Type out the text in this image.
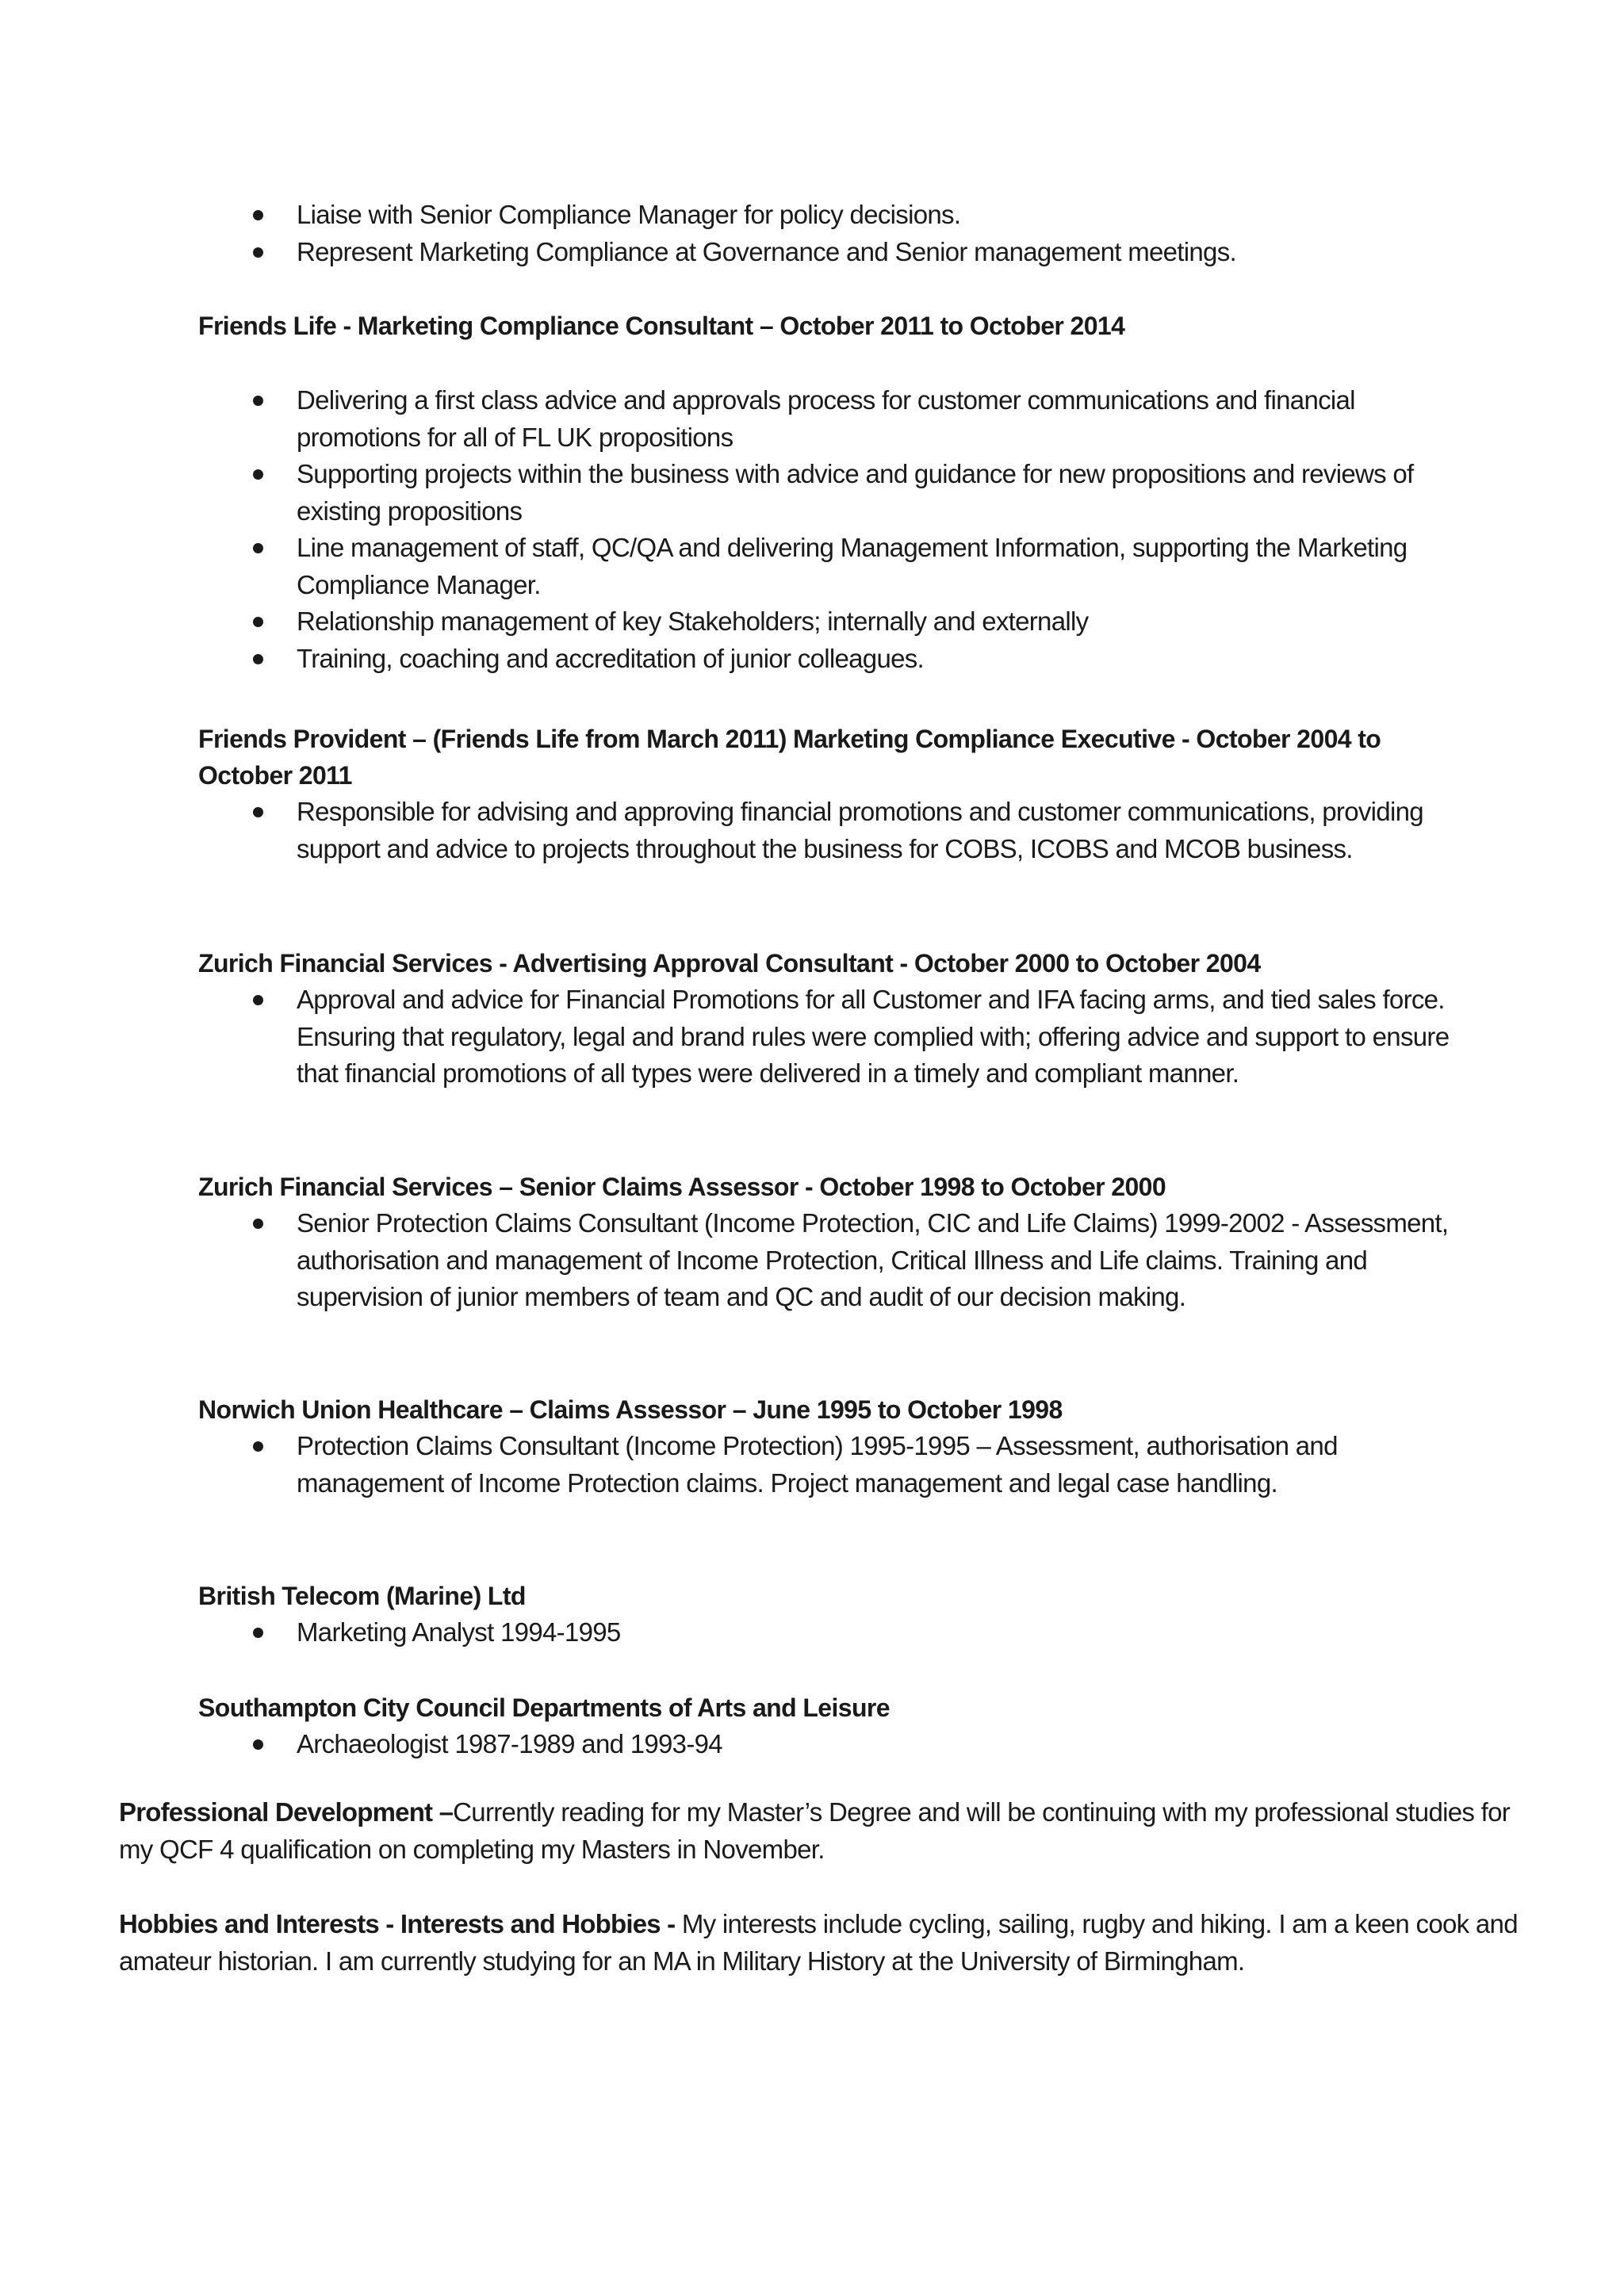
Liaise with Senior Compliance Manager for policy decisions.
Represent Marketing Compliance at Governance and Senior management meetings.
Friends Life - Marketing Compliance Consultant – October 2011 to October 2014
Delivering a first class advice and approvals process for customer communications and financial promotions for all of FL UK propositions
Supporting projects within the business with advice and guidance for new propositions and reviews of existing propositions
Line management of staff, QC/QA and delivering Management Information, supporting the Marketing Compliance Manager.
Relationship management of key Stakeholders; internally and externally
Training, coaching and accreditation of junior colleagues.
Friends Provident – (Friends Life from March 2011) Marketing Compliance Executive - October 2004 to October 2011
Responsible for advising and approving financial promotions and customer communications, providing support and advice to projects throughout the business for COBS, ICOBS and MCOB business.
Zurich Financial Services - Advertising Approval Consultant - October 2000 to October 2004
Approval and advice for Financial Promotions for all Customer and IFA facing arms, and tied sales force. Ensuring that regulatory, legal and brand rules were complied with; offering advice and support to ensure that financial promotions of all types were delivered in a timely and compliant manner.
Zurich Financial Services – Senior Claims Assessor - October 1998 to October 2000
Senior Protection Claims Consultant (Income Protection, CIC and Life Claims) 1999-2002 - Assessment, authorisation and management of Income Protection, Critical Illness and Life claims. Training and supervision of junior members of team and QC and audit of our decision making.
Norwich Union Healthcare – Claims Assessor – June 1995 to October 1998
Protection Claims Consultant (Income Protection) 1995-1995 – Assessment, authorisation and management of Income Protection claims. Project management and legal case handling.
British Telecom (Marine) Ltd
Marketing Analyst 1994-1995
Southampton City Council Departments of Arts and Leisure
Archaeologist 1987-1989 and 1993-94
Professional Development –Currently reading for my Master’s Degree and will be continuing with my professional studies for my QCF 4 qualification on completing my Masters in November.
Hobbies and Interests - Interests and Hobbies - My interests include cycling, sailing, rugby and hiking. I am a keen cook and amateur historian. I am currently studying for an MA in Military History at the University of Birmingham.
